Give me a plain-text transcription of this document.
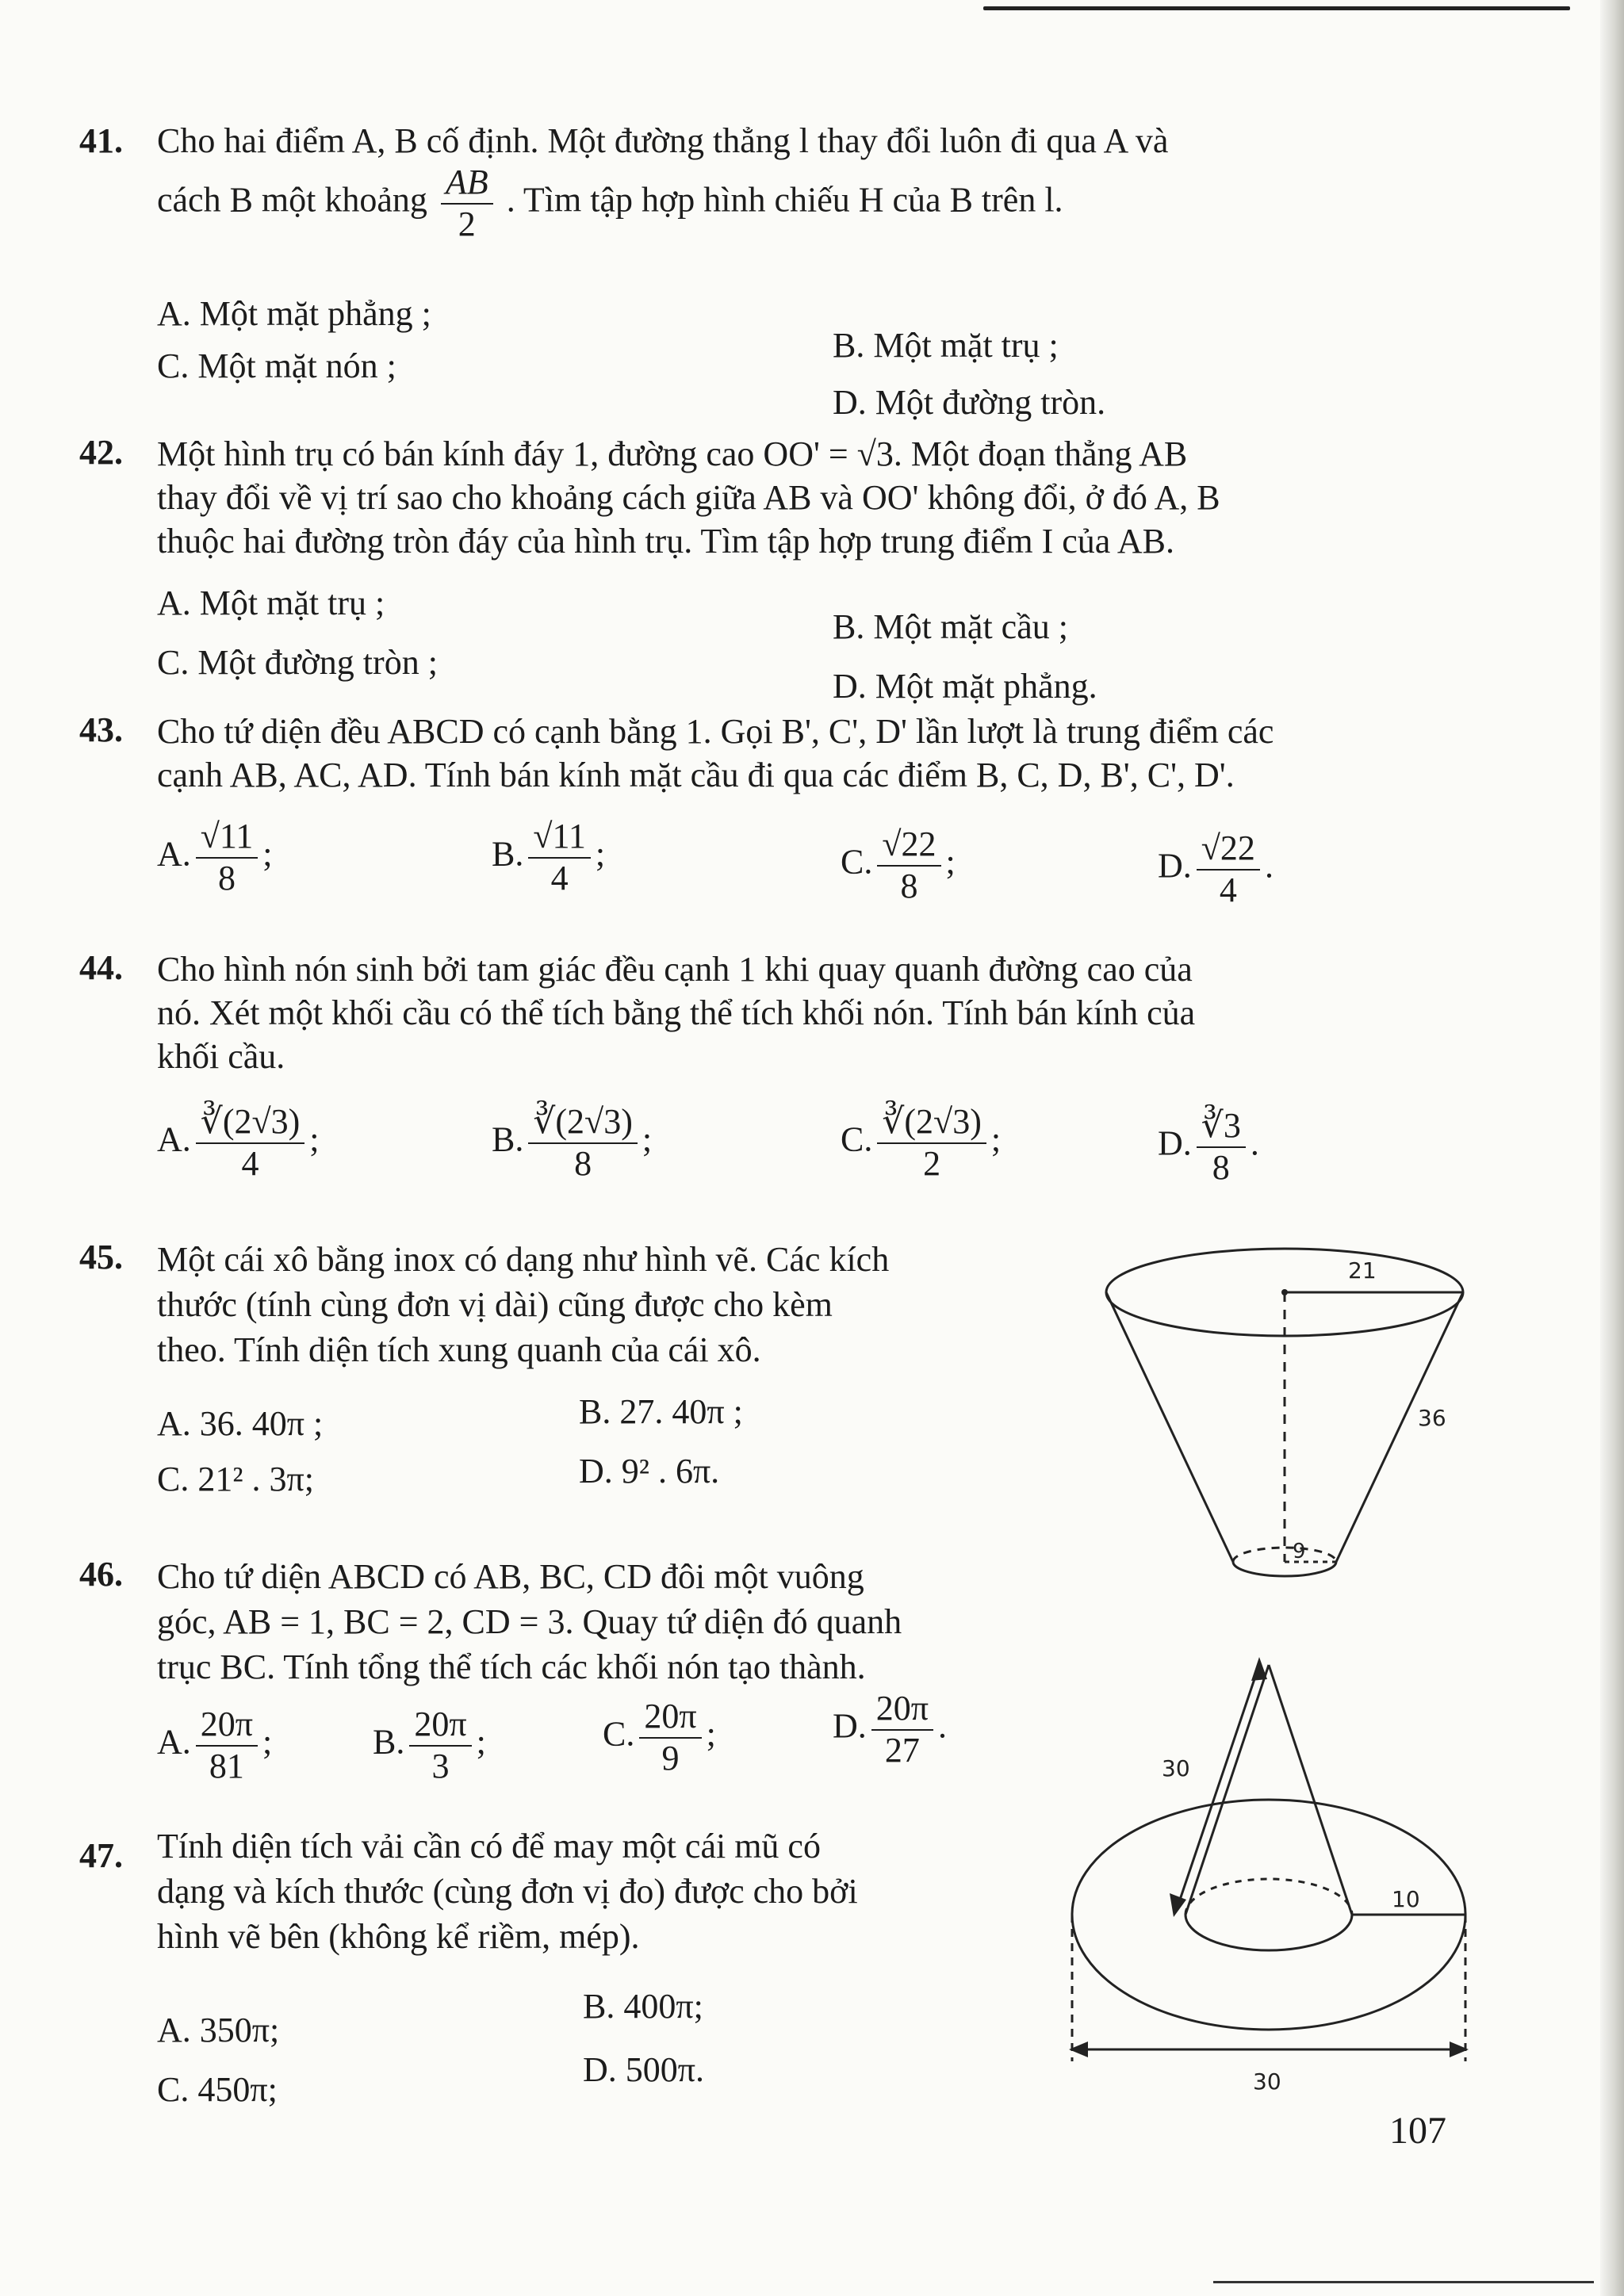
41. Cho hai điểm A, B cố định. Một đường thẳng l thay đổi luôn đi qua A và
cách B một khoảng $\frac{AB}{2}$ . Tìm tập hợp hình chiếu H của B trên l.
A. Một mặt phẳng ;
B. Một mặt trụ ;
C. Một mặt nón ;
D. Một đường tròn.
42. Một hình trụ có bán kính đáy 1, đường cao OO' = √3. Một đoạn thẳng AB
thay đổi về vị trí sao cho khoảng cách giữa AB và OO' không đổi, ở đó A, B
thuộc hai đường tròn đáy của hình trụ. Tìm tập hợp trung điểm I của AB.
A. Một mặt trụ ;
B. Một mặt cầu ;
C. Một đường tròn ;
D. Một mặt phẳng.
43. Cho tứ diện đều ABCD có cạnh bằng 1. Gọi B', C', D' lần lượt là trung điểm các
cạnh AB, AC, AD. Tính bán kính mặt cầu đi qua các điểm B, C, D, B', C', D'.
A. $\frac{√11}{8}$ ;	B. $\frac{√11}{4}$ ;	C. $\frac{√22}{8}$ ;	D. $\frac{√22}{4}$ .
44. Cho hình nón sinh bởi tam giác đều cạnh 1 khi quay quanh đường cao của
nó. Xét một khối cầu có thể tích bằng thể tích khối nón. Tính bán kính của
khối cầu.
A. $\frac{∛(2√3)}{4}$ ;	B. $\frac{∛(2√3)}{8}$ ;	C. $\frac{∛(2√3)}{2}$ ;	D. $\frac{∛3}{8}$ .
45. Một cái xô bằng inox có dạng như hình vẽ. Các kích
thước (tính cùng đơn vị dài) cũng được cho kèm
theo. Tính diện tích xung quanh của cái xô.
A. 36. 40π ;	B. 27. 40π ;
C. 21² . 3π;	D. 9² . 6π.
21
36
9
46. Cho tứ diện ABCD có AB, BC, CD đôi một vuông
góc, AB = 1, BC = 2, CD = 3. Quay tứ diện đó quanh
trục BC. Tính tổng thể tích các khối nón tạo thành.
A. $\frac{20\pi}{81}$ ;	B. $\frac{20\pi}{3}$ ;	C. $\frac{20\pi}{9}$ ;	D. $\frac{20\pi}{27}$ .
47. Tính diện tích vải cần có để may một cái mũ có
dạng và kích thước (cùng đơn vị đo) được cho bởi
hình vẽ bên (không kể riềm, mép).
A. 350π;
B. 400π;
C. 450π;
D. 500π.
30
10
30
107
